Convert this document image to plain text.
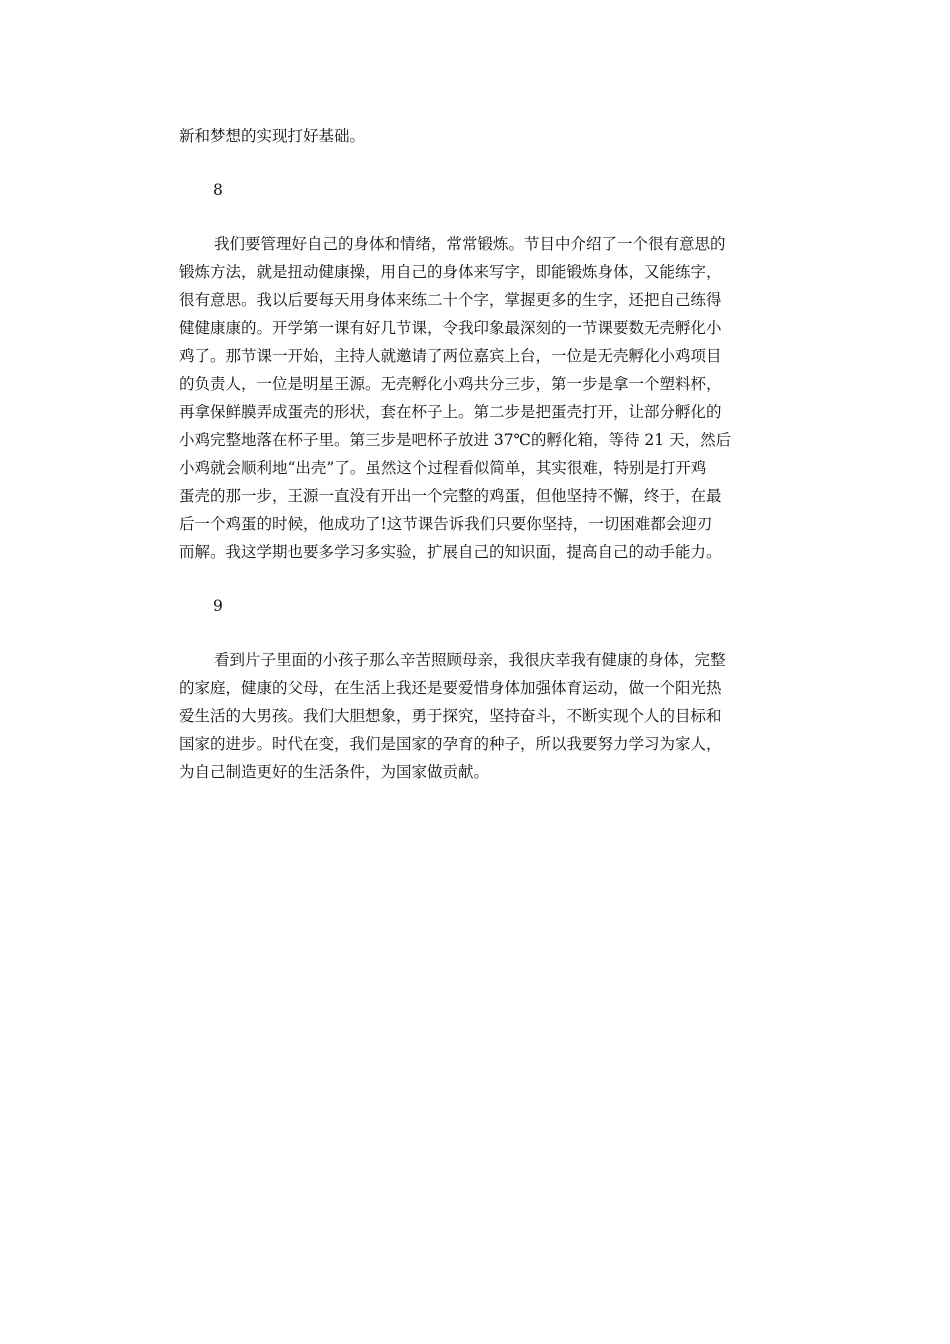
新和梦想的实现打好基础。

8

我们要管理好自己的身体和情绪，常常锻炼。节目中介绍了一个很有意思的

锻炼方法，就是扭动健康操，用自己的身体来写字，即能锻炼身体，又能练字，

很有意思。我以后要每天用身体来练二十个字，掌握更多的生字，还把自己练得

健健康康的。开学第一课有好几节课，令我印象最深刻的一节课要数无壳孵化小

鸡了。那节课一开始，主持人就邀请了两位嘉宾上台，一位是无壳孵化小鸡项目

的负责人，一位是明星王源。无壳孵化小鸡共分三步，第一步是拿一个塑料杯，

再拿保鲜膜弄成蛋壳的形状，套在杯子上。第二步是把蛋壳打开，让部分孵化的

小鸡完整地落在杯子里。第三步是吧杯子放进 37℃的孵化箱，等待 21 天，然后

小鸡就会顺利地“出壳”了。虽然这个过程看似简单，其实很难，特别是打开鸡

蛋壳的那一步，王源一直没有开出一个完整的鸡蛋，但他坚持不懈，终于，在最

后一个鸡蛋的时候，他成功了!这节课告诉我们只要你坚持，一切困难都会迎刃

而解。我这学期也要多学习多实验，扩展自己的知识面，提高自己的动手能力。

9

看到片子里面的小孩子那么辛苦照顾母亲，我很庆幸我有健康的身体，完整

的家庭，健康的父母，在生活上我还是要爱惜身体加强体育运动，做一个阳光热

爱生活的大男孩。我们大胆想象，勇于探究，坚持奋斗，不断实现个人的目标和

国家的进步。时代在变，我们是国家的孕育的种子，所以我要努力学习为家人，

为自己制造更好的生活条件，为国家做贡献。
